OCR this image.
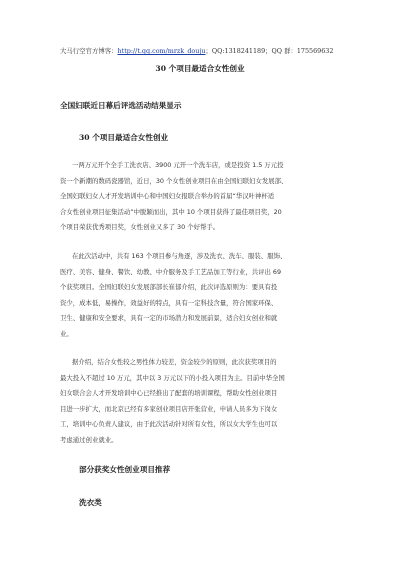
大马行空官方博客：http://t.qq.com/mrzk_douju；QQ:1318241189；QQ 群：175569632
30 个项目最适合女性创业
全国妇联近日幕后评选活动结果显示
30 个项目最适合女性创业
一两万元开个全手工洗衣店、3900 元开一个洗车店，或是投资 1.5 万元投
资一个新潮的数码瓷器馆，近日，30 个女性创业项目在由全国妇联妇女发展部、
全国妇联妇女人才开发培训中心和中国妇女报联合举办的首届“华汉叶神杯适
合女性创业项目征集活动”中脱颖而出，其中 10 个项目获得了最佳项目奖，20
个项目荣获优秀项目奖，女性创业又多了 30 个好帮手。
在此次活动中，共有 163 个项目参与角逐，涉及洗衣、洗车、服装、服饰、
医疗、美容、健身、餐饮、幼教、中介服务及手工艺品加工等行业，共评出 69
个获奖项目。全国妇联妇女发展部部长崔郁介绍，此次评选原则为：要具有投
资少，成本低，易操作，效益好的特点，具有一定科技含量，符合国家环保、
卫生、健康和安全要求，具有一定的市场潜力和发展前景，适合妇女创业和就
业。
据介绍，结合女性较之男性体力较差，资金较少的原则，此次获奖项目的
最大投入不超过 10 万元，其中以 3 万元以下的小投入项目为主。目前中华全国
妇女联合会人才开发培训中心已经推出了配套的培训课程，帮助女性创业项目
目进一步扩大，而北京已经有多家创业项目店开张营业，申请人员多为下岗女
工，培训中心负责人建议，由于此次活动针对所有女性，所以女大学生也可以
考虑通过创业就业。
部分获奖女性创业项目推荐
洗衣类
